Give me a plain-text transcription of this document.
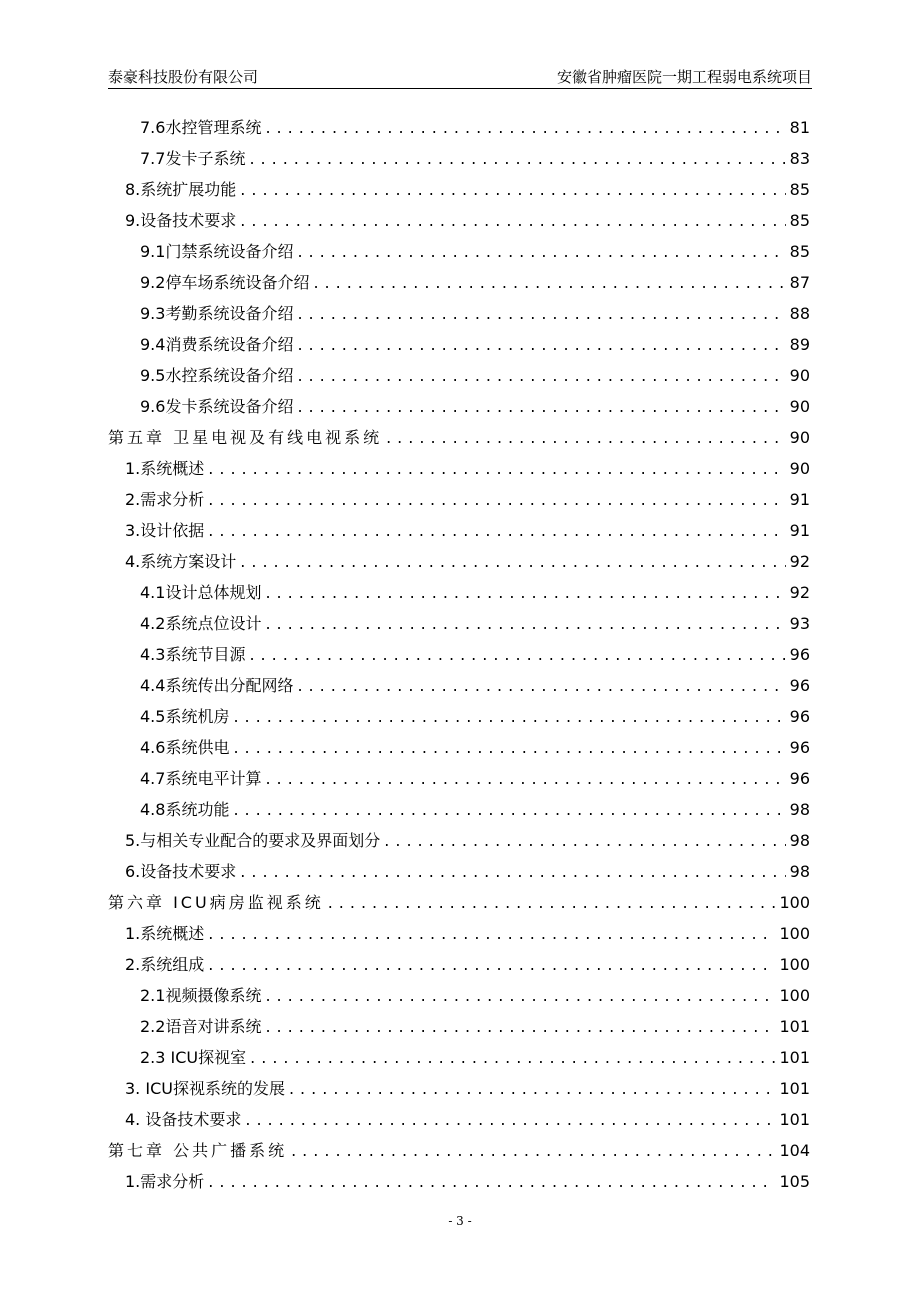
泰豪科技股份有限公司	安徽省肿瘤医院一期工程弱电系统项目
7.6水控管理系统 .....	81
7.7发卡子系统 .....	83
8.系统扩展功能 .....	85
9.设备技术要求 .....	85
9.1门禁系统设备介绍 .....	85
9.2停车场系统设备介绍 .....	87
9.3考勤系统设备介绍 .....	88
9.4消费系统设备介绍 .....	89
9.5水控系统设备介绍 .....	90
9.6发卡系统设备介绍 .....	90
第五章 卫星电视及有线电视系统 .....	90
1.系统概述 .....	90
2.需求分析 .....	91
3.设计依据 .....	91
4.系统方案设计 .....	92
4.1设计总体规划 .....	92
4.2系统点位设计 .....	93
4.3系统节目源 .....	96
4.4系统传出分配网络 .....	96
4.5系统机房 .....	96
4.6系统供电 .....	96
4.7系统电平计算 .....	96
4.8系统功能 .....	98
5.与相关专业配合的要求及界面划分 .....	98
6.设备技术要求 .....	98
第六章 ICU病房监视系统 .....	100
1.系统概述 .....	100
2.系统组成 .....	100
2.1视频摄像系统 .....	100
2.2语音对讲系统 .....	101
2.3 ICU探视室 .....	101
3. ICU探视系统的发展 .....	101
4. 设备技术要求 .....	101
第七章 公共广播系统 .....	104
1.需求分析 .....	105
- 3 -
